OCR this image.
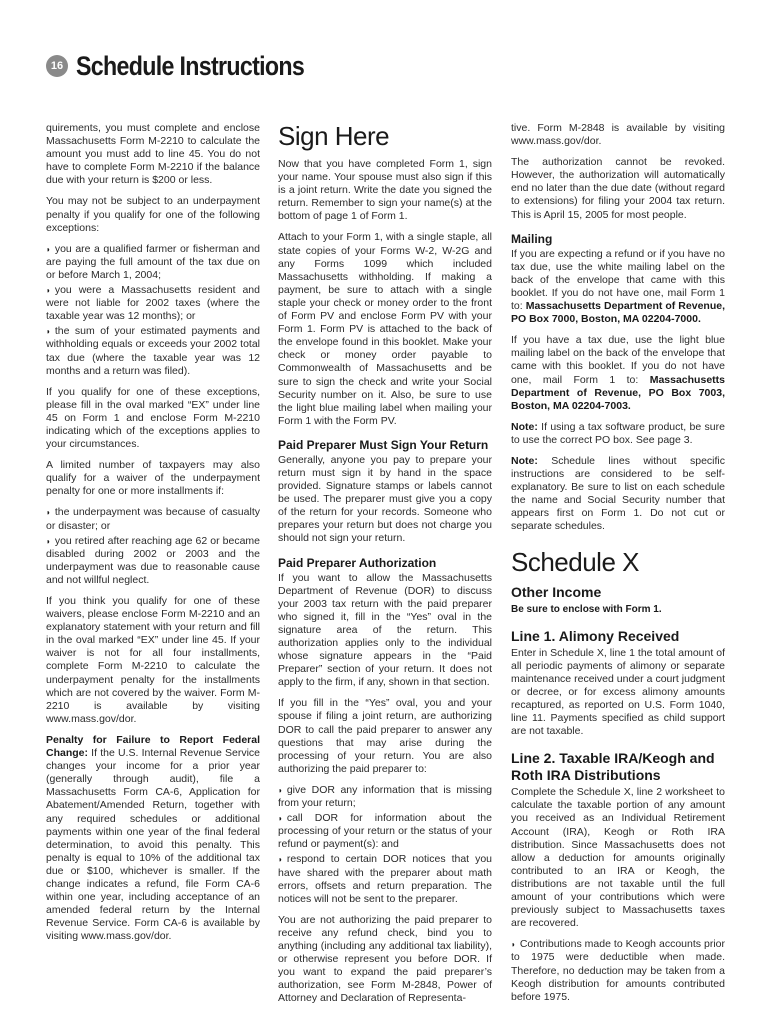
16 Schedule Instructions

quirements, you must complete and enclose Massachusetts Form M-2210 to calculate the amount you must add to line 45. You do not have to complete Form M-2210 if the balance due with your return is $200 or less.

You may not be subject to an underpayment penalty if you qualify for one of the following exceptions:

◗ you are a qualified farmer or fisherman and are paying the full amount of the tax due on or before March 1, 2004;

◗ you were a Massachusetts resident and were not liable for 2002 taxes (where the taxable year was 12 months); or

◗ the sum of your estimated payments and withholding equals or exceeds your 2002 total tax due (where the taxable year was 12 months and a return was filed).

If you qualify for one of these exceptions, please fill in the oval marked “EX” under line 45 on Form 1 and enclose Form M-2210 indicating which of the exceptions applies to your circumstances.

A limited number of taxpayers may also qualify for a waiver of the underpayment penalty for one or more installments if:

◗ the underpayment was because of casualty or disaster; or

◗ you retired after reaching age 62 or became disabled during 2002 or 2003 and the underpayment was due to reasonable cause and not willful neglect.

If you think you qualify for one of these waivers, please enclose Form M-2210 and an explanatory statement with your return and fill in the oval marked “EX” under line 45. If your waiver is not for all four installments, complete Form M-2210 to calculate the underpayment penalty for the installments which are not covered by the waiver. Form M-2210 is available by visiting www.mass.gov/dor.

Penalty for Failure to Report Federal Change: If the U.S. Internal Revenue Service changes your income for a prior year (generally through audit), file a Massachusetts Form CA-6, Application for Abatement/Amended Return, together with any required schedules or additional payments within one year of the final federal determination, to avoid this penalty. This penalty is equal to 10% of the additional tax due or $100, whichever is smaller. If the change indicates a refund, file Form CA-6 within one year, including acceptance of an amended federal return by the Internal Revenue Service. Form CA-6 is available by visiting www.mass.gov/dor.

Sign Here

Now that you have completed Form 1, sign your name. Your spouse must also sign if this is a joint return. Write the date you signed the return. Remember to sign your name(s) at the bottom of page 1 of Form 1.

Attach to your Form 1, with a single staple, all state copies of your Forms W-2, W-2G and any Forms 1099 which included Massachusetts withholding. If making a payment, be sure to attach with a single staple your check or money order to the front of Form PV and enclose Form PV with your Form 1. Form PV is attached to the back of the envelope found in this booklet. Make your check or money order payable to Commonwealth of Massachusetts and be sure to sign the check and write your Social Security number on it. Also, be sure to use the light blue mailing label when mailing your Form 1 with the Form PV.

Paid Preparer Must Sign Your Return

Generally, anyone you pay to prepare your return must sign it by hand in the space provided. Signature stamps or labels cannot be used. The preparer must give you a copy of the return for your records. Someone who prepares your return but does not charge you should not sign your return.

Paid Preparer Authorization

If you want to allow the Massachusetts Department of Revenue (DOR) to discuss your 2003 tax return with the paid preparer who signed it, fill in the “Yes” oval in the signature area of the return. This authorization applies only to the individual whose signature appears in the “Paid Preparer” section of your return. It does not apply to the firm, if any, shown in that section.

If you fill in the “Yes” oval, you and your spouse if filing a joint return, are authorizing DOR to call the paid preparer to answer any questions that may arise during the processing of your return. You are also authorizing the paid preparer to:

◗ give DOR any information that is missing from your return;

◗ call DOR for information about the processing of your return or the status of your refund or payment(s): and

◗ respond to certain DOR notices that you have shared with the preparer about math errors, offsets and return preparation. The notices will not be sent to the preparer.

You are not authorizing the paid preparer to receive any refund check, bind you to anything (including any additional tax liability), or otherwise represent you before DOR. If you want to expand the paid preparer’s authorization, see Form M-2848, Power of Attorney and Declaration of Representa-

tive. Form M-2848 is available by visiting www.mass.gov/dor.

The authorization cannot be revoked. However, the authorization will automatically end no later than the due date (without regard to extensions) for filing your 2004 tax return. This is April 15, 2005 for most people.

Mailing

If you are expecting a refund or if you have no tax due, use the white mailing label on the back of the envelope that came with this booklet. If you do not have one, mail Form 1 to: Massachusetts Department of Revenue, PO Box 7000, Boston, MA 02204-7000.

If you have a tax due, use the light blue mailing label on the back of the envelope that came with this booklet. If you do not have one, mail Form 1 to: Massachusetts Department of Revenue, PO Box 7003, Boston, MA 02204-7003.

Note: If using a tax software product, be sure to use the correct PO box. See page 3.

Note: Schedule lines without specific instructions are considered to be self-explanatory. Be sure to list on each schedule the name and Social Security number that appears first on Form 1. Do not cut or separate schedules.

Schedule X
Other Income
Be sure to enclose with Form 1.
Line 1. Alimony Received

Enter in Schedule X, line 1 the total amount of all periodic payments of alimony or separate maintenance received under a court judgment or decree, or for excess alimony amounts recaptured, as reported on U.S. Form 1040, line 11. Payments specified as child support are not taxable.

Line 2. Taxable IRA/Keogh and Roth IRA Distributions

Complete the Schedule X, line 2 worksheet to calculate the taxable portion of any amount you received as an Individual Retirement Account (IRA), Keogh or Roth IRA distribution. Since Massachusetts does not allow a deduction for amounts originally contributed to an IRA or Keogh, the distributions are not taxable until the full amount of your contributions which were previously subject to Massachusetts taxes are recovered.

◗ Contributions made to Keogh accounts prior to 1975 were deductible when made. Therefore, no deduction may be taken from a Keogh distribution for amounts contributed before 1975.
